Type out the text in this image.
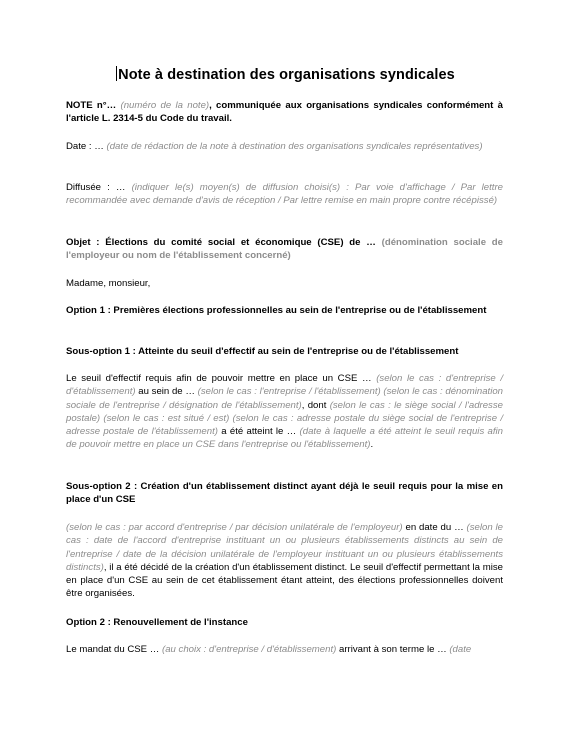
Note à destination des organisations syndicales
NOTE n°… (numéro de la note), communiquée aux organisations syndicales conformément à l'article L. 2314-5 du Code du travail.
Date : … (date de rédaction de la note à destination des organisations syndicales représentatives)
Diffusée : … (indiquer le(s) moyen(s) de diffusion choisi(s) : Par voie d'affichage / Par lettre recommandée avec demande d'avis de réception / Par lettre remise en main propre contre récépissé)
Objet : Élections du comité social et économique (CSE) de … (dénomination sociale de l'employeur ou nom de l'établissement concerné)
Madame, monsieur,
Option 1 : Premières élections professionnelles au sein de l'entreprise ou de l'établissement
Sous-option 1 : Atteinte du seuil d'effectif au sein de l'entreprise ou de l'établissement
Le seuil d'effectif requis afin de pouvoir mettre en place un CSE … (selon le cas : d'entreprise / d'établissement) au sein de … (selon le cas : l'entreprise / l'établissement) (selon le cas : dénomination sociale de l'entreprise / désignation de l'établissement), dont (selon le cas : le siège social / l'adresse postale) (selon le cas : est situé / est) (selon le cas : adresse postale du siège social de l'entreprise / adresse postale de l'établissement) a été atteint le … (date à laquelle a été atteint le seuil requis afin de pouvoir mettre en place un CSE dans l'entreprise ou l'établissement).
Sous-option 2 : Création d'un établissement distinct ayant déjà le seuil requis pour la mise en place d'un CSE
(selon le cas : par accord d'entreprise / par décision unilatérale de l'employeur) en date du … (selon le cas : date de l'accord d'entreprise instituant un ou plusieurs établissements distincts au sein de l'entreprise / date de la décision unilatérale de l'employeur instituant un ou plusieurs établissements distincts), il a été décidé de la création d'un établissement distinct. Le seuil d'effectif permettant la mise en place d'un CSE au sein de cet établissement étant atteint, des élections professionnelles doivent être organisées.
Option 2 : Renouvellement de l'instance
Le mandat du CSE … (au choix : d'entreprise / d'établissement) arrivant à son terme le … (date
